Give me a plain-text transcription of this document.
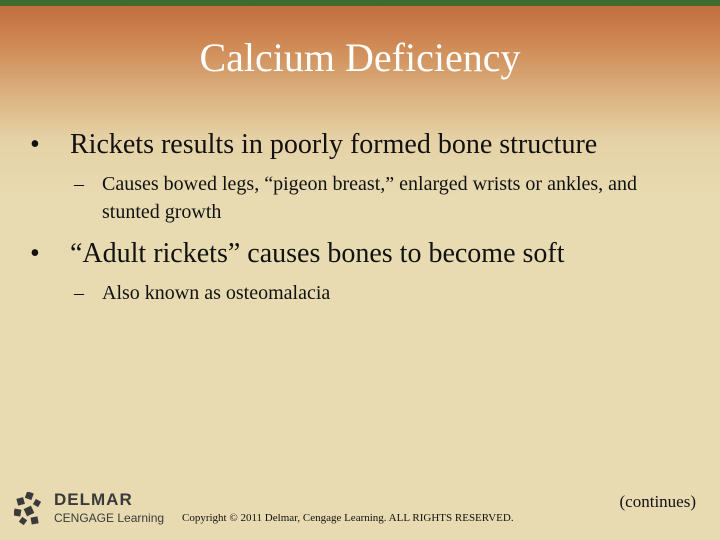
Calcium Deficiency
• Rickets results in poorly formed bone structure
– Causes bowed legs, “pigeon breast,” enlarged wrists or ankles, and stunted growth
• “Adult rickets” causes bones to become soft
– Also known as osteomalacia
DELMAR
CENGAGE Learning Copyright © 2011 Delmar, Cengage Learning. ALL RIGHTS RESERVED.
(continues)
